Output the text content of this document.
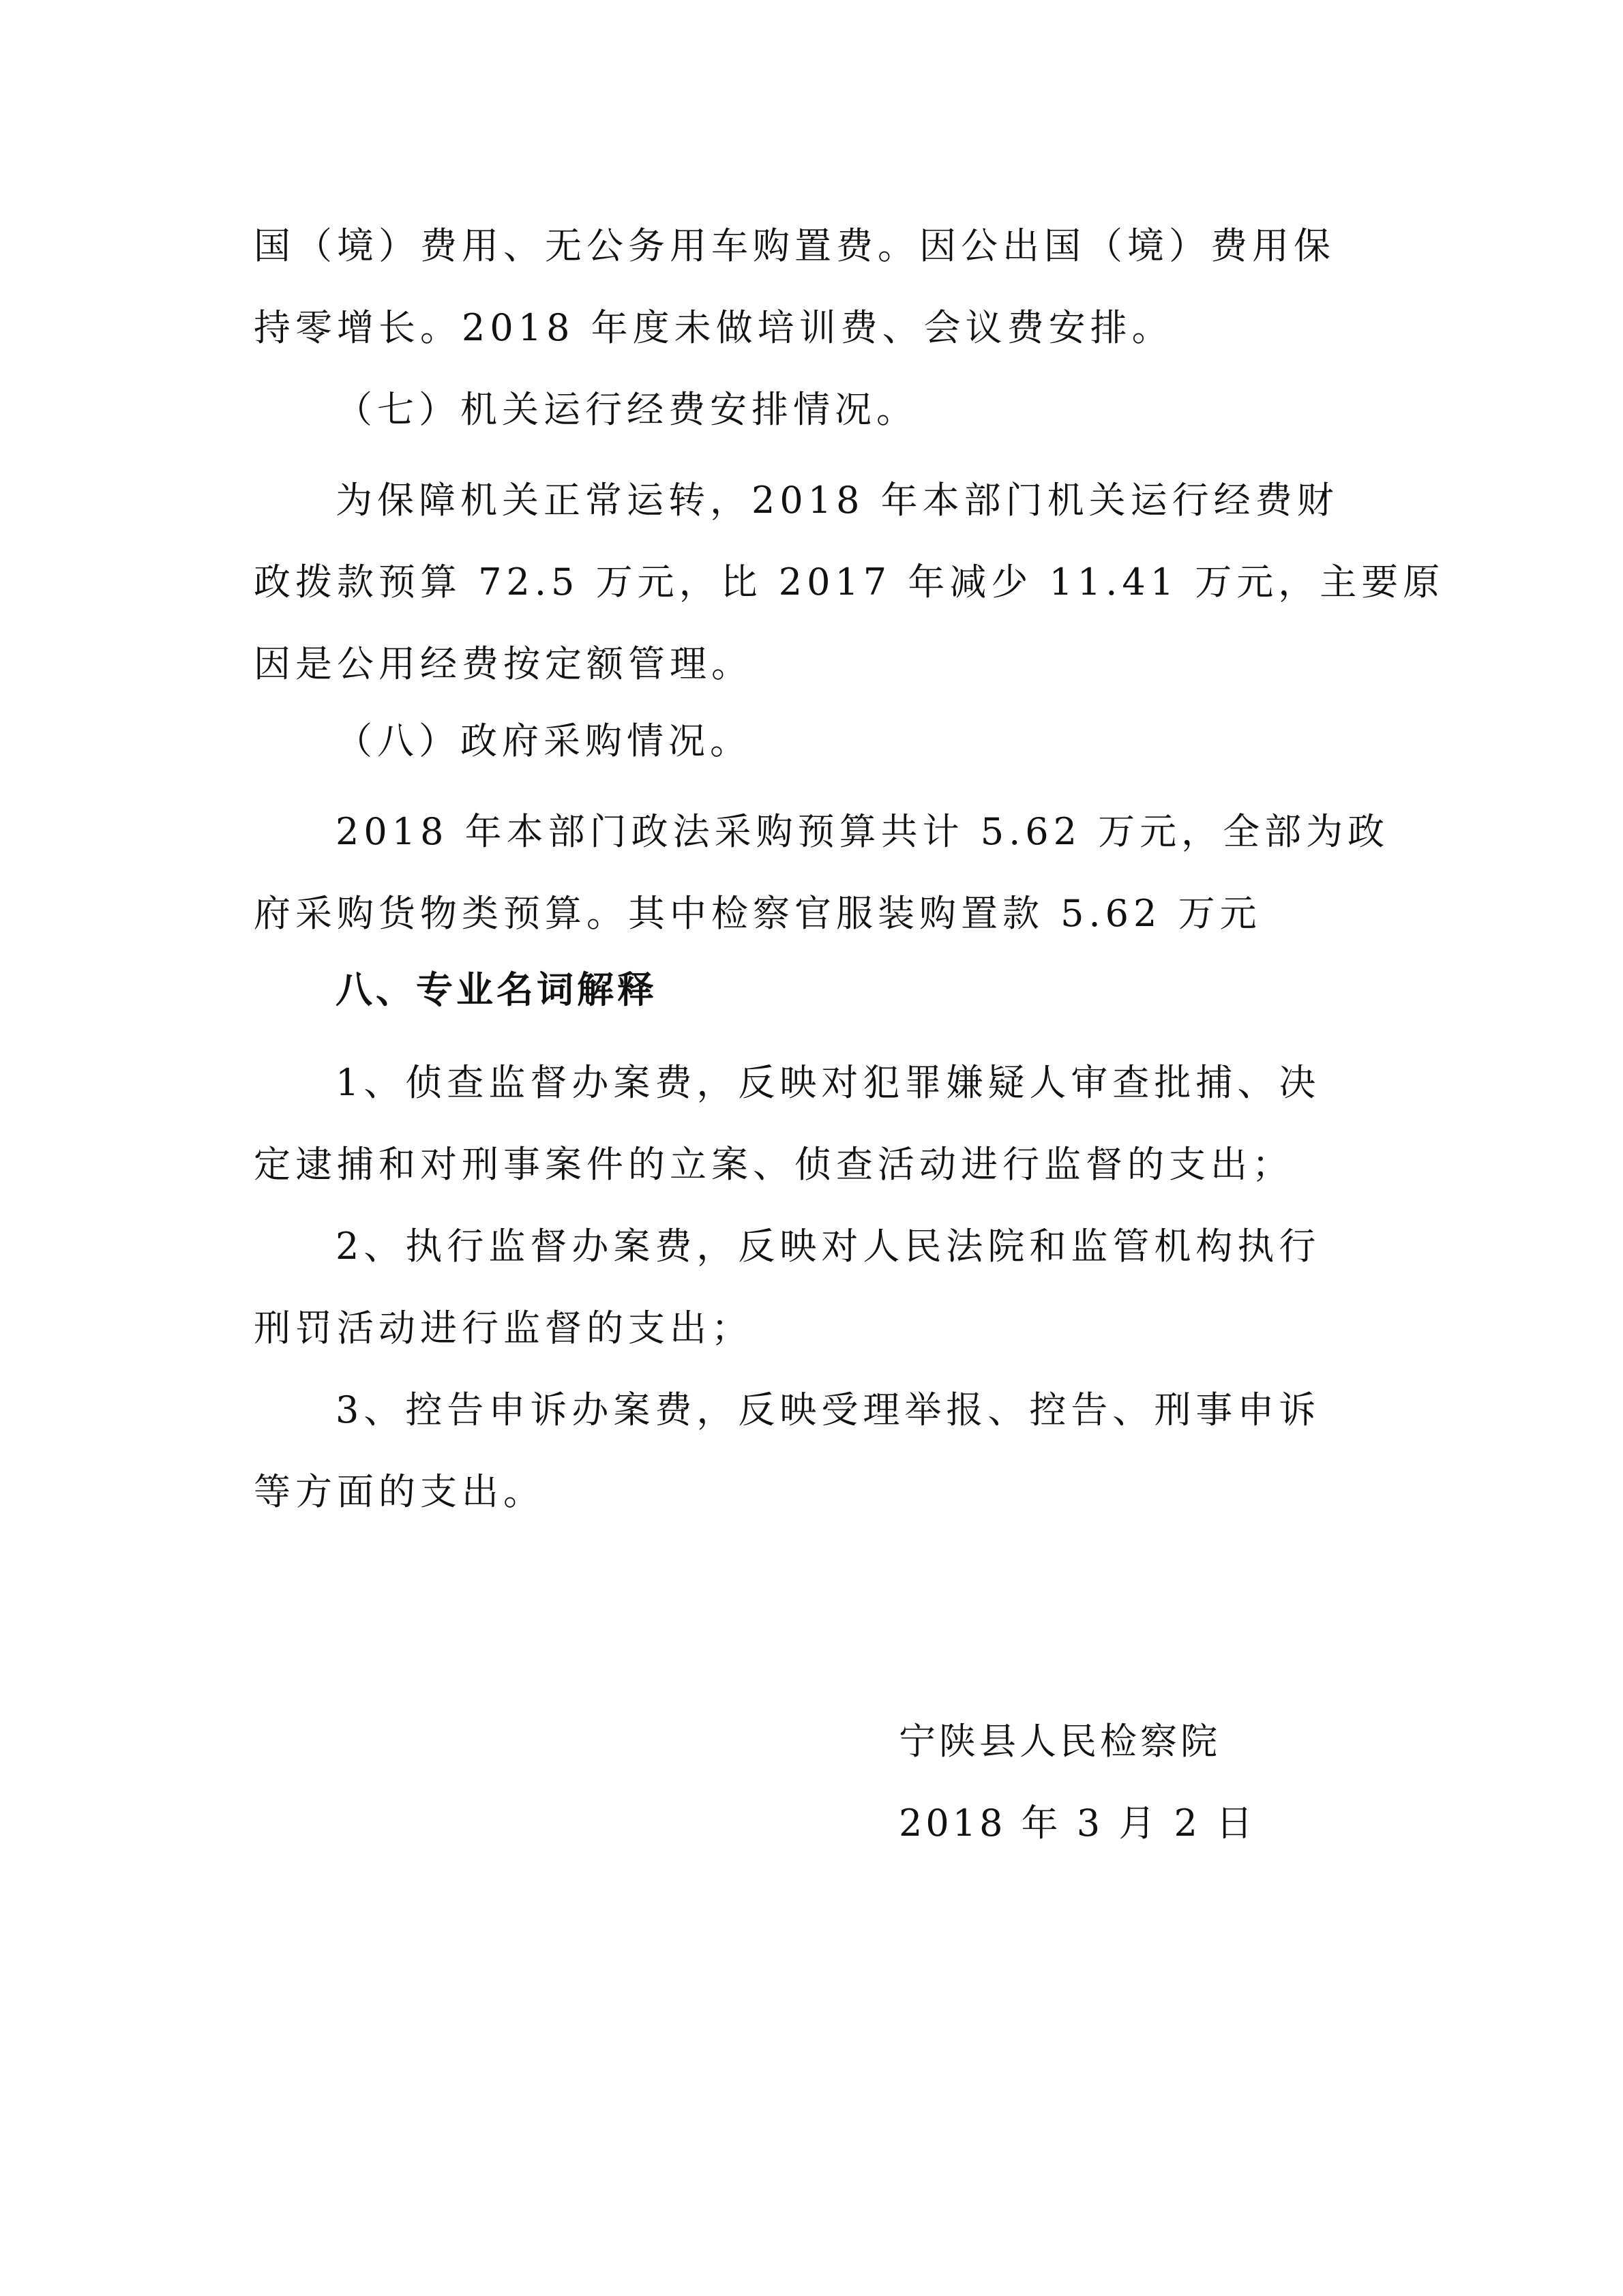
国（境）费用、无公务用车购置费。因公出国（境）费用保
持零增长。2018 年度未做培训费、会议费安排。
（七）机关运行经费安排情况。
为保障机关正常运转，2018 年本部门机关运行经费财
政拨款预算 72.5 万元，比 2017 年减少 11.41 万元，主要原
因是公用经费按定额管理。
（八）政府采购情况。
2018 年本部门政法采购预算共计 5.62 万元，全部为政
府采购货物类预算。其中检察官服装购置款 5.62 万元
八、专业名词解释
1、侦查监督办案费，反映对犯罪嫌疑人审查批捕、决
定逮捕和对刑事案件的立案、侦查活动进行监督的支出；
2、执行监督办案费，反映对人民法院和监管机构执行
刑罚活动进行监督的支出；
3、控告申诉办案费，反映受理举报、控告、刑事申诉
等方面的支出。
宁陕县人民检察院
2018 年 3 月 2 日
